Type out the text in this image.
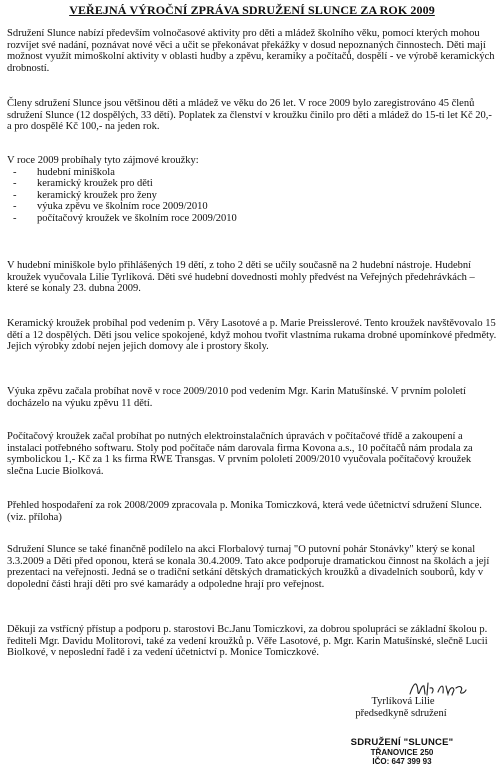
VEŘEJNÁ VÝROČNÍ ZPRÁVA SDRUŽENÍ SLUNCE ZA ROK 2009

Sdružení Slunce nabízí především volnočasové aktivity pro děti a mládež školního věku, pomocí kterých mohou rozvíjet své nadání, poznávat nové věci a učit se překonávat překážky v dosud nepoznaných činnostech. Děti mají možnost využít mimoškolní aktivity v oblasti hudby a zpěvu, keramiky a počítačů, dospělí - ve výrobě keramických drobností.

Členy sdružení Slunce jsou většinou děti a mládež ve věku do 26 let. V roce 2009 bylo zaregistrováno 45 členů sdružení Slunce (12 dospělých, 33 dětí). Poplatek za členství v kroužku činilo pro děti a mládež do 15-ti let Kč 20,- a pro dospělé Kč 100,- na jeden rok.

V roce 2009 probíhaly tyto zájmové kroužky:

-	hudební miniškola
-	keramický kroužek pro děti
-	keramický kroužek pro ženy
-	výuka zpěvu ve školním roce 2009/2010
-	počítačový kroužek ve školním roce 2009/2010

V hudební miniškole bylo přihlášených 19 dětí, z toho 2 děti se učily současně na 2 hudební nástroje. Hudební kroužek vyučovala Lilie Tyrlíková. Děti své hudební dovednosti mohly předvést na Veřejných předehrávkách – které se konaly 23. dubna 2009.

Keramický kroužek probíhal pod vedením p. Věry Lasotové a p. Marie Preisslerové. Tento kroužek navštěvovalo 15 dětí a 12 dospělých. Děti jsou velice spokojené, když mohou tvořit vlastníma rukama drobné upomínkové předměty. Jejich výrobky zdobí nejen jejich domovy ale i prostory školy.

Výuka zpěvu začala probíhat nově v roce 2009/2010 pod vedením Mgr. Karin Matušínské. V prvním pololetí docházelo na výuku zpěvu 11 dětí.

Počítačový kroužek začal probíhat po nutných elektroinstalačních úpravách v počítačové třídě a zakoupení a instalaci potřebného softwaru. Stoly pod počítače nám darovala firma Kovona a.s., 10 počítačů nám prodala za symbolickou 1,- Kč za 1 ks firma RWE Transgas. V prvním pololetí 2009/2010 vyučovala počítačový kroužek slečna Lucie Biolková.

Přehled hospodaření za rok 2008/2009 zpracovala p. Monika Tomiczková, která vede účetnictví sdružení Slunce. (viz. příloha)

Sdružení Slunce se také finančně podílelo na akci Florbalový turnaj "O putovní pohár Stonávky" který se konal 3.3.2009 a Děti před oponou, která se konala 30.4.2009. Tato akce podporuje dramatickou činnost na školách a její prezentaci na veřejnosti. Jedná se o tradiční setkání dětských dramatických kroužků a divadelních souborů, kdy v dopolední části hrají děti pro své kamarády a odpoledne hrají pro veřejnost.

Děkuji za vstřícný přístup a podporu p. starostovi Bc.Janu Tomiczkovi, za dobrou spolupráci se základní školou p. řediteli Mgr. Davidu Molitorovi, také za vedení kroužků p. Věře Lasotové, p. Mgr. Karin Matušínské, slečně Lucii Biolkové, v neposlední řadě i za vedení účetnictví p. Monice Tomiczkové.

Tyrlíková Lilie
předsedkyně sdružení
SDRUŽENÍ "SLUNCE"
TŘANOVICE 250
IČO: 647 399 93
